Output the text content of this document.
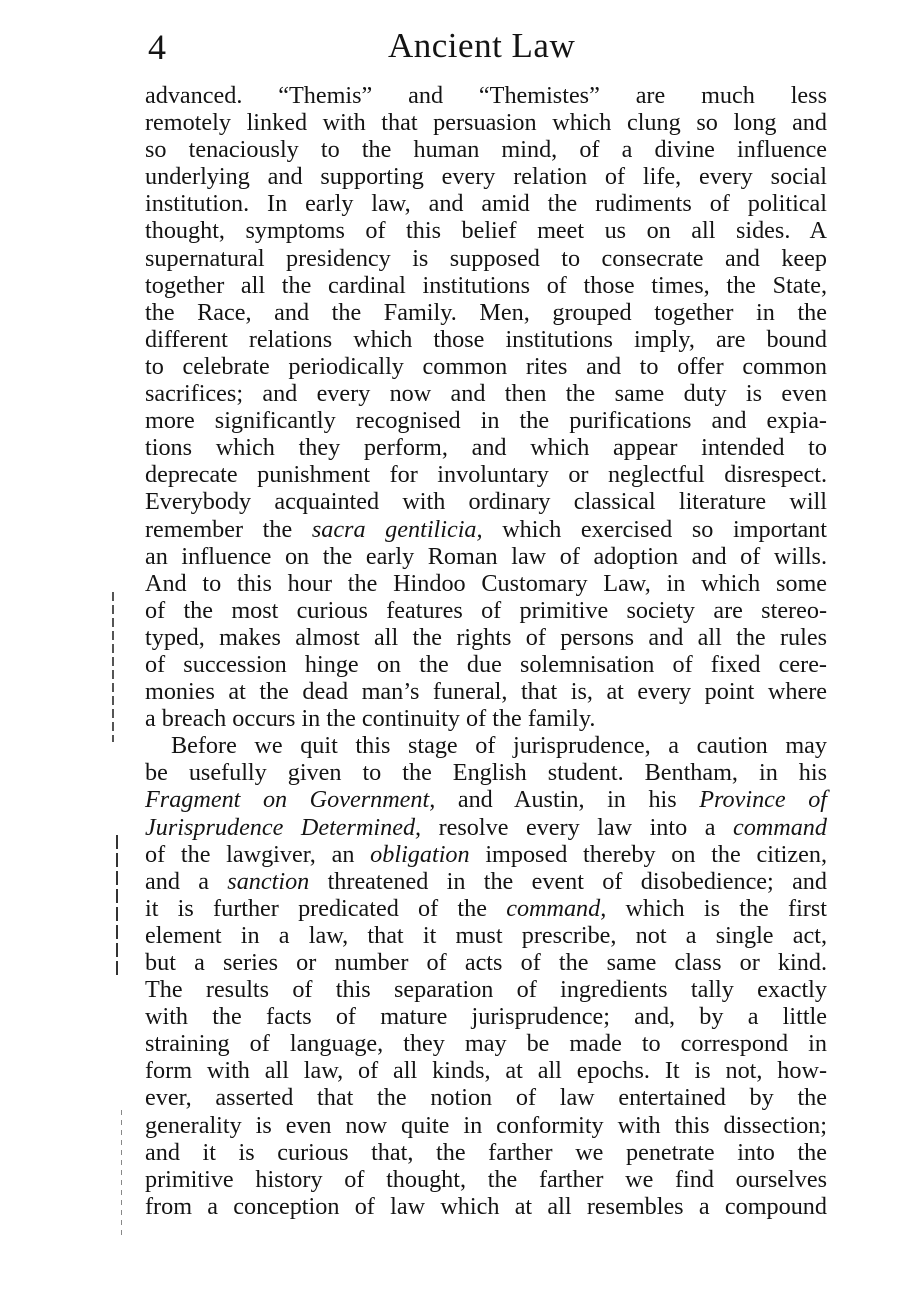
4	Ancient Law
advanced. “Themis” and “Themistes” are much less
remotely linked with that persuasion which clung so long and
so tenaciously to the human mind, of a divine influence
underlying and supporting every relation of life, every social
institution. In early law, and amid the rudiments of political
thought, symptoms of this belief meet us on all sides. A
supernatural presidency is supposed to consecrate and keep
together all the cardinal institutions of those times, the State,
the Race, and the Family. Men, grouped together in the
different relations which those institutions imply, are bound
to celebrate periodically common rites and to offer common
sacrifices; and every now and then the same duty is even
more significantly recognised in the purifications and expia-
tions which they perform, and which appear intended to
deprecate punishment for involuntary or neglectful disrespect.
Everybody acquainted with ordinary classical literature will
remember the sacra gentilicia, which exercised so important
an influence on the early Roman law of adoption and of wills.
And to this hour the Hindoo Customary Law, in which some
of the most curious features of primitive society are stereo-
typed, makes almost all the rights of persons and all the rules
of succession hinge on the due solemnisation of fixed cere-
monies at the dead man’s funeral, that is, at every point where
a breach occurs in the continuity of the family.
Before we quit this stage of jurisprudence, a caution may
be usefully given to the English student. Bentham, in his
Fragment on Government, and Austin, in his Province of
Jurisprudence Determined, resolve every law into a command
of the lawgiver, an obligation imposed thereby on the citizen,
and a sanction threatened in the event of disobedience; and
it is further predicated of the command, which is the first
element in a law, that it must prescribe, not a single act,
but a series or number of acts of the same class or kind.
The results of this separation of ingredients tally exactly
with the facts of mature jurisprudence; and, by a little
straining of language, they may be made to correspond in
form with all law, of all kinds, at all epochs. It is not, how-
ever, asserted that the notion of law entertained by the
generality is even now quite in conformity with this dissection;
and it is curious that, the farther we penetrate into the
primitive history of thought, the farther we find ourselves
from a conception of law which at all resembles a compound
